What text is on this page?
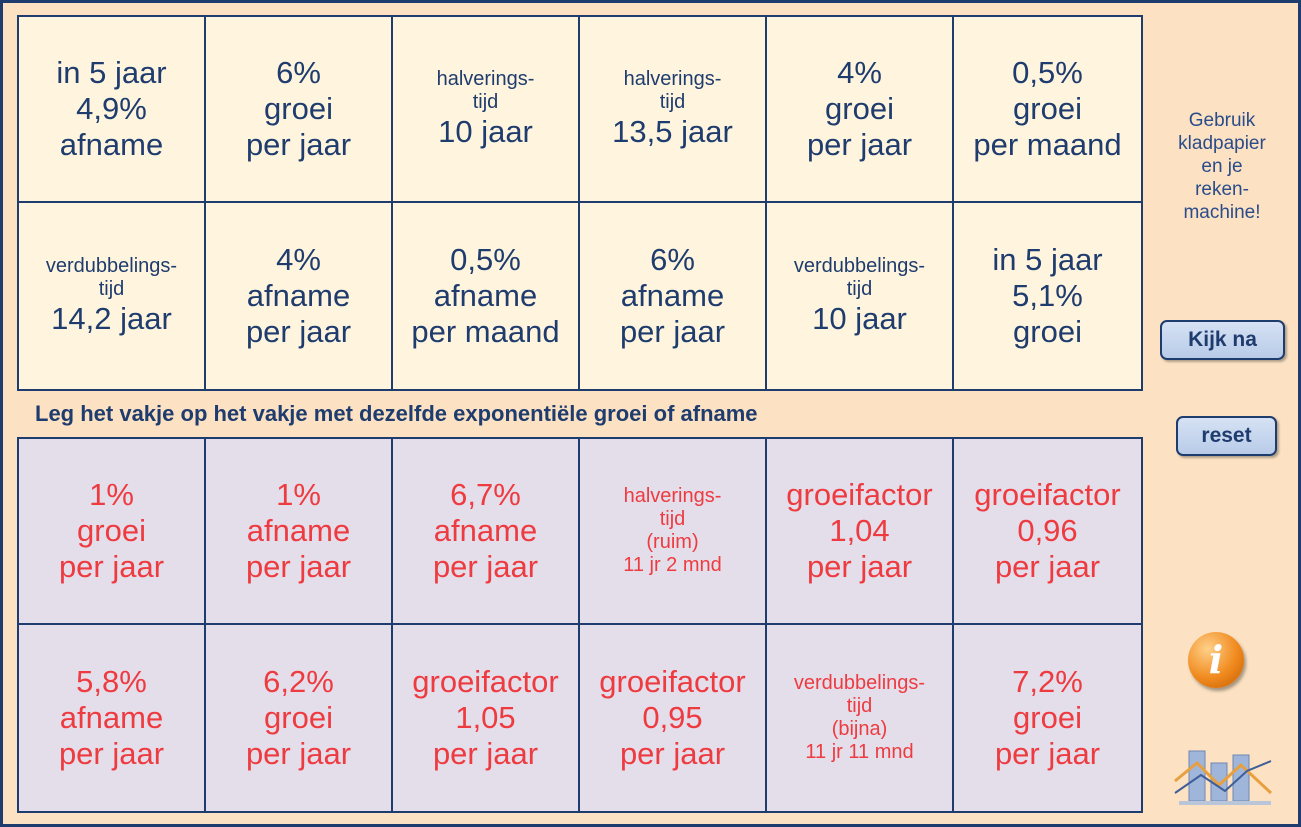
in 5 jaar
4,9%
afname
6%
groei
per jaar
halverings-
tijd
10 jaar
halverings-
tijd
13,5 jaar
4%
groei
per jaar
0,5%
groei
per maand
verdubbelings-
tijd
14,2 jaar
4%
afname
per jaar
0,5%
afname
per maand
6%
afname
per jaar
verdubbelings-
tijd
10 jaar
in 5 jaar
5,1%
groei
Leg het vakje op het vakje met dezelfde exponentiële groei of afname
1%
groei
per jaar
1%
afname
per jaar
6,7%
afname
per jaar
halverings-
tijd
(ruim)
11 jr 2 mnd
groeifactor
1,04
per jaar
groeifactor
0,96
per jaar
5,8%
afname
per jaar
6,2%
groei
per jaar
groeifactor
1,05
per jaar
groeifactor
0,95
per jaar
verdubbelings-
tijd
(bijna)
11 jr 11 mnd
7,2%
groei
per jaar
Gebruik
kladpapier
en je
reken-
machine!
Kijk na
reset
i
